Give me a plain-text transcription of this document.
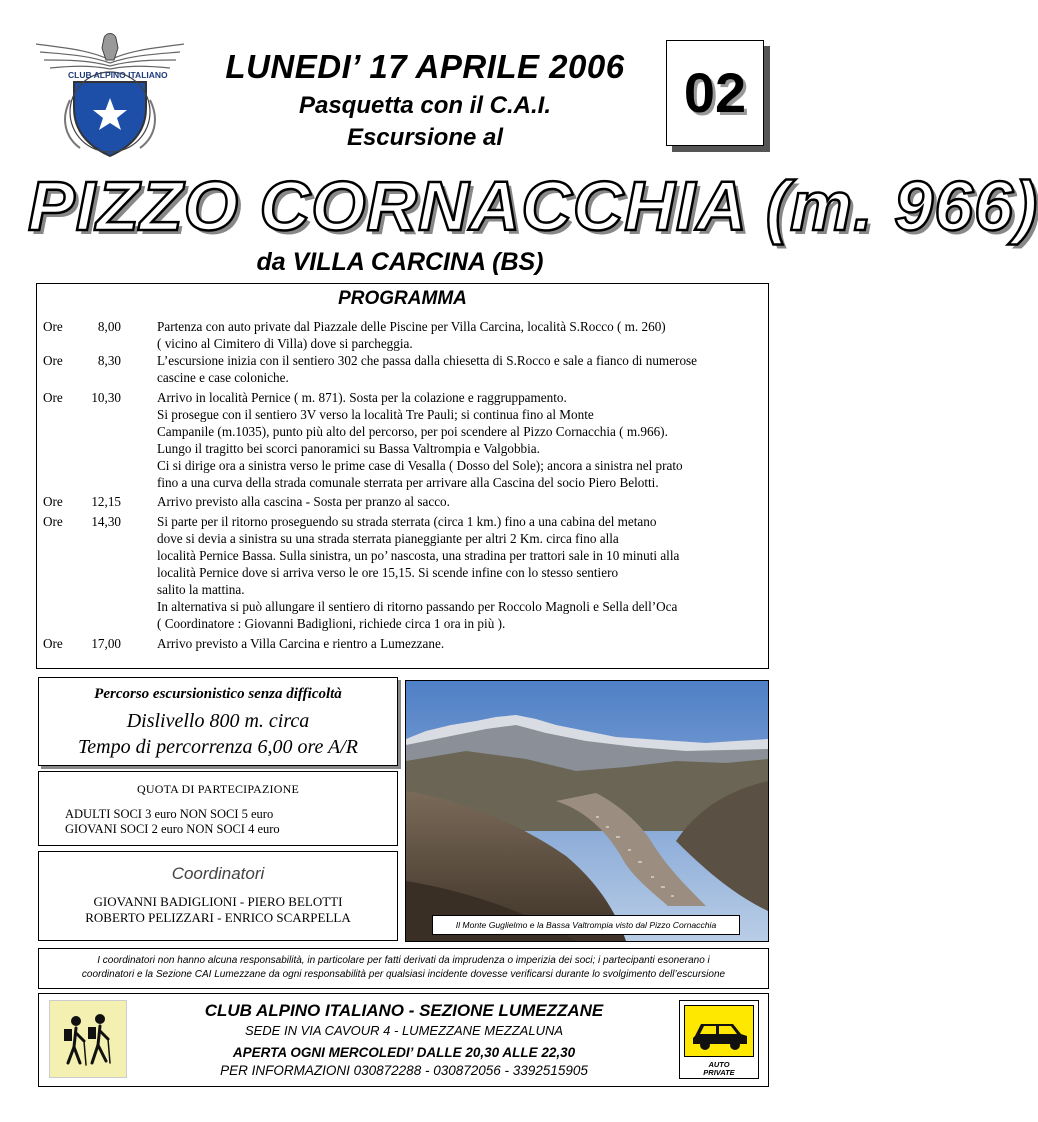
CLUB ALPINO ITALIANO	LUNEDI’ 17 APRILE 2006
Pasquetta con il C.A.I.
Escursione al
02
PIZZO CORNACCHIA (m. 966)
da VILLA CARCINA (BS)
PROGRAMMA
Ore	8,00	Partenza con auto private dal Piazzale delle Piscine per Villa Carcina, località S.Rocco ( m. 260)
( vicino al Cimitero di Villa) dove si parcheggia.
Ore	8,30	L’escursione inizia con il sentiero 302 che passa dalla chiesetta di S.Rocco e sale a fianco di numerose
cascine e case coloniche.
Ore	10,30	Arrivo in località Pernice ( m. 871). Sosta per la colazione e raggruppamento.
Si prosegue con il sentiero 3V verso la località Tre Pauli; si continua fino al Monte
Campanile (m.1035), punto più alto del percorso, per poi scendere al Pizzo Cornacchia ( m.966).
Lungo il tragitto bei scorci panoramici su Bassa Valtrompia e Valgobbia.
Ci si dirige ora a sinistra verso le prime case di Vesalla ( Dosso del Sole); ancora a sinistra nel prato
fino a una curva della strada comunale sterrata per arrivare alla Cascina del socio Piero Belotti.
Ore	12,15	Arrivo previsto alla cascina - Sosta per pranzo al sacco.
Ore	14,30	Si parte per il ritorno proseguendo su strada sterrata (circa 1 km.) fino a una cabina del metano
dove si devia a sinistra su una strada sterrata pianeggiante per altri 2 Km. circa fino alla
località Pernice Bassa. Sulla sinistra, un po’ nascosta, una stradina per trattori sale in 10 minuti alla
località Pernice dove si arriva verso le ore 15,15. Si scende infine con lo stesso sentiero
salito la mattina.
In alternativa si può allungare il sentiero di ritorno passando per Roccolo Magnoli e Sella dell’Oca
( Coordinatore : Giovanni Badiglioni, richiede circa 1 ora in più ).
Ore	17,00	Arrivo previsto a Villa Carcina e rientro a Lumezzane.
Percorso escursionistico senza difficoltà
Dislivello 800 m. circa
Tempo di percorrenza 6,00 ore A/R
QUOTA DI PARTECIPAZIONE
ADULTI SOCI 3 euro NON SOCI 5 euro
GIOVANI SOCI 2 euro NON SOCI 4 euro
Coordinatori
GIOVANNI BADIGLIONI - PIERO BELOTTI
ROBERTO PELIZZARI - ENRICO SCARPELLA	Il Monte Guglielmo e la Bassa Valtrompia visto dal Pizzo Cornacchia
I coordinatori non hanno alcuna responsabilità, in particolare per fatti derivati da imprudenza o imperizia dei soci; i partecipanti esonerano i
coordinatori e la Sezione CAI Lumezzane da ogni responsabilità per qualsiasi incidente dovesse verificarsi durante lo svolgimento dell’escursione
CLUB ALPINO ITALIANO - SEZIONE LUMEZZANE
SEDE IN VIA CAVOUR 4 - LUMEZZANE MEZZALUNA
APERTA OGNI MERCOLEDI’ DALLE 20,30 ALLE 22,30
PER INFORMAZIONI 030872288 - 030872056 - 3392515905	AUTO
PRIVATE
